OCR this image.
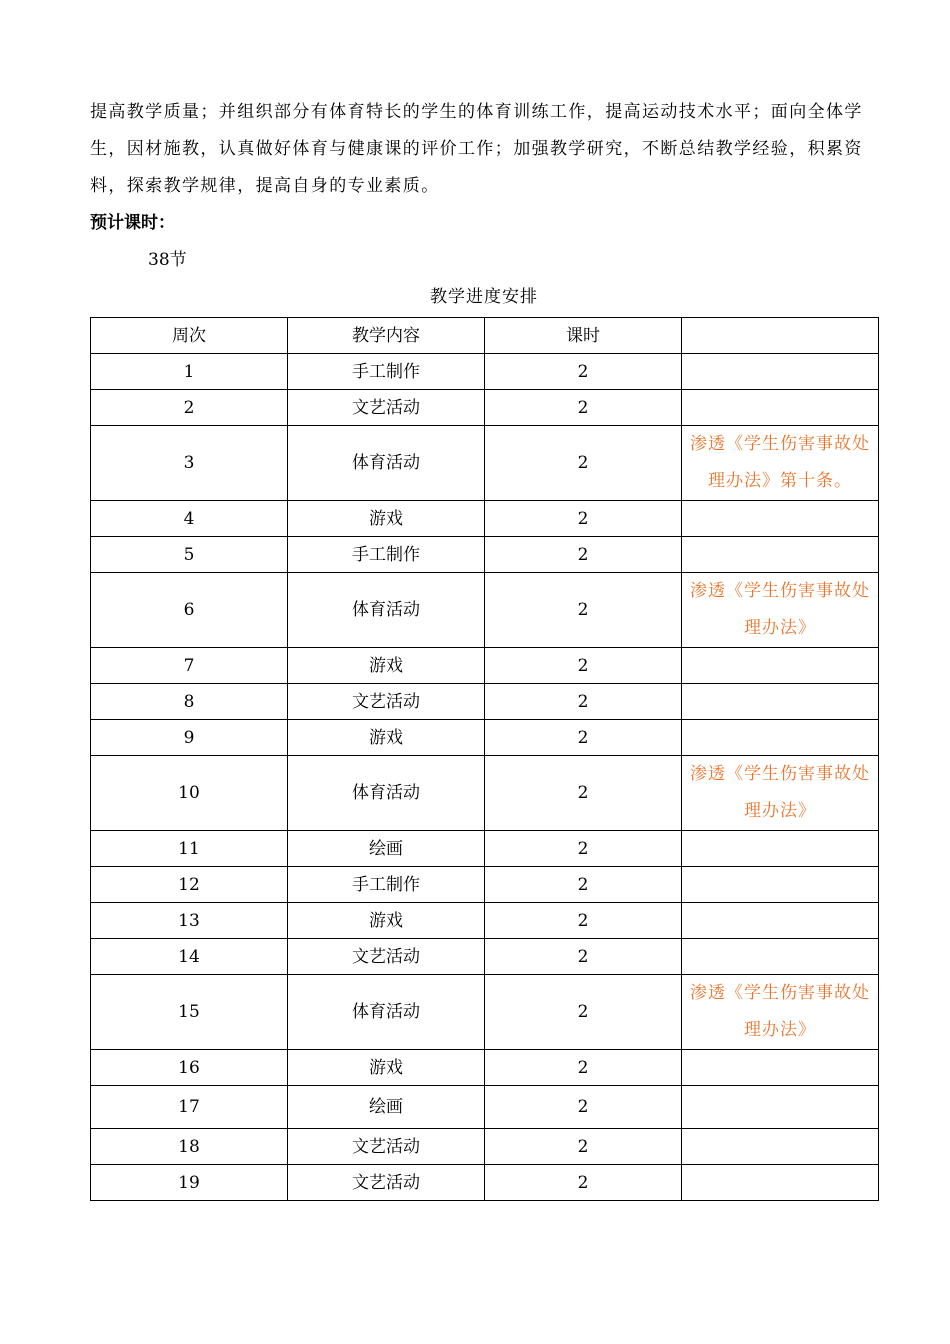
提高教学质量；并组织部分有体育特长的学生的体育训练工作，提高运动技术水平；面向全体学生，因材施教，认真做好体育与健康课的评价工作；加强教学研究，不断总结教学经验，积累资料，探索教学规律，提高自身的专业素质。

预计课时：

38节

教学进度安排

周次	教学内容	课时	
1	手工制作	2	
2	文艺活动	2	
3	体育活动	2	渗透《学生伤害事故处理办法》第十条。
4	游戏	2	
5	手工制作	2	
6	体育活动	2	渗透《学生伤害事故处理办法》
7	游戏	2	
8	文艺活动	2	
9	游戏	2	
10	体育活动	2	渗透《学生伤害事故处理办法》
11	绘画	2	
12	手工制作	2	
13	游戏	2	
14	文艺活动	2	
15	体育活动	2	渗透《学生伤害事故处理办法》
16	游戏	2	
17	绘画	2	
18	文艺活动	2	
19	文艺活动	2	
